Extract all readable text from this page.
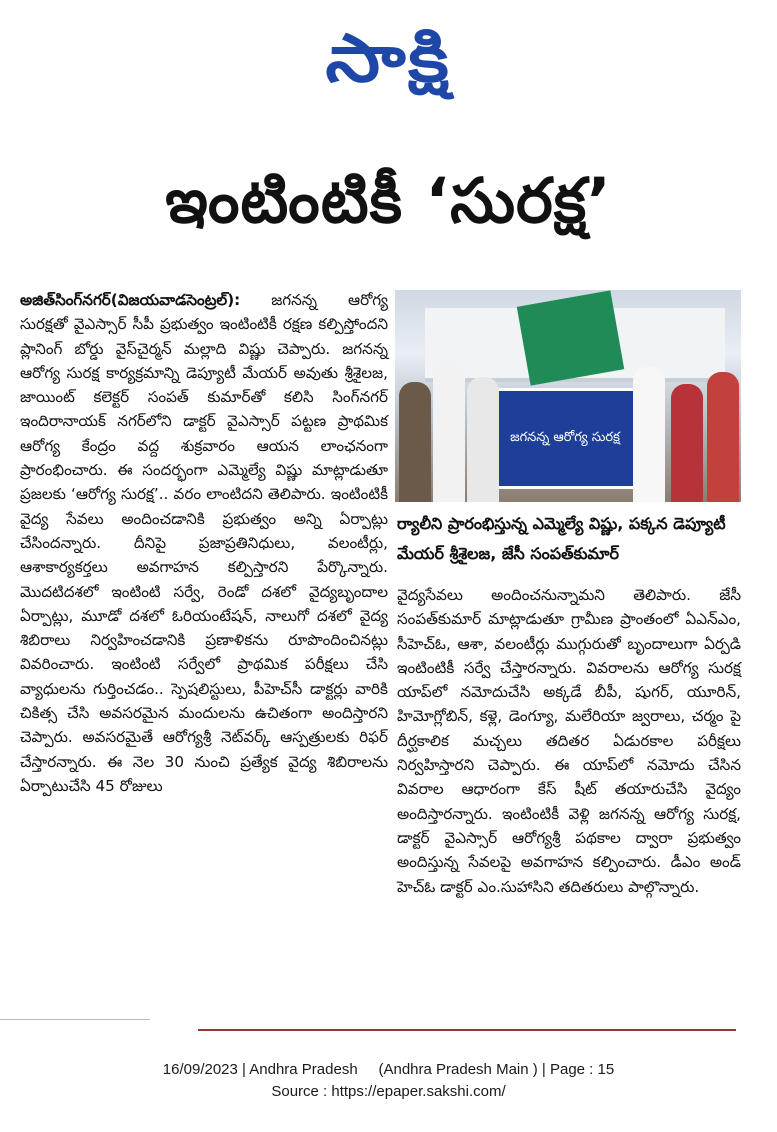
సాక్షి
ఇంటింటికీ ‘సురక్ష’

అజిత్‌సింగ్‌నగర్‌(విజయవాడసెంట్రల్‌): జగనన్న ఆరోగ్య సురక్షతో వైఎస్సార్‌ సీపీ ప్రభుత్వం ఇంటింటికీ రక్షణ కల్పిస్తోందని ప్లానింగ్‌ బోర్డు వైస్‌చైర్మన్‌ మల్లాది విష్ణు చెప్పారు. జగనన్న ఆరోగ్య సురక్ష కార్యక్రమాన్ని డెప్యూటీ మేయర్‌ అవుతు శ్రీశైలజ, జాయింట్‌ కలెక్టర్‌ సంపత్‌ కుమార్‌తో కలిసి సింగ్‌నగర్‌ ఇందిరానాయక్‌ నగర్‌లోని డాక్టర్‌ వైఎస్సార్‌ పట్టణ ప్రాథమిక ఆరోగ్య కేంద్రం వద్ద శుక్రవారం ఆయన లాంఛనంగా ప్రారంభించారు. ఈ సందర్భంగా ఎమ్మెల్యే విష్ణు మాట్లాడుతూ ప్రజలకు ‘ఆరోగ్య సురక్ష’.. వరం లాంటిదని తెలిపారు. ఇంటింటికీ వైద్య సేవలు అందించడానికి ప్రభుత్వం అన్ని ఏర్పాట్లు చేసిందన్నారు. దీనిపై ప్రజాప్రతినిధులు, వలంటీర్లు, ఆశాకార్యకర్తలు అవగాహన కల్పిస్తారని పేర్కొన్నారు. మొదటిదశలో ఇంటింటి సర్వే, రెండో దశలో వైద్యబృందాల ఏర్పాట్లు, మూడో దశలో ఓరియంటేషన్‌, నాలుగో దశలో వైద్య శిబిరాలు నిర్వహించడానికి ప్రణాళికను రూపొందించినట్లు వివరించారు. ఇంటింటి సర్వేలో ప్రాథమిక పరీక్షలు చేసి వ్యాధులను గుర్తించడం.. స్పెషలిస్టులు, పీహెచ్‌సీ డాక్టర్లు వారికి చికిత్స చేసి అవసరమైన మందులను ఉచితంగా అందిస్తారని చెప్పారు. అవసరమైతే ఆరోగ్యశ్రీ నెట్‌వర్క్‌ ఆస్పత్రులకు రిఫర్‌ చేస్తారన్నారు. ఈ నెల 30 నుంచి ప్రత్యేక వైద్య శిబిరాలను ఏర్పాటుచేసి 45 రోజులు

జగనన్న ఆరోగ్య సురక్ష
ర్యాలీని ప్రారంభిస్తున్న ఎమ్మెల్యే విష్ణు, పక్కన డెప్యూటీ మేయర్‌ శ్రీశైలజ, జేసీ సంపత్‌కుమార్‌

వైద్యసేవలు అందించనున్నామని తెలిపారు. జేసీ సంపత్‌కుమార్‌ మాట్లాడుతూ గ్రామీణ ప్రాంతంలో ఏఎన్‌ఎం, సీహెచ్‌ఓ, ఆశా, వలంటీర్లు ముగ్గురుతో బృందాలుగా ఏర్పడి ఇంటింటికీ సర్వే చేస్తారన్నారు. వివరాలను ఆరోగ్య సురక్ష యాప్‌లో నమోదుచేసి అక్కడే బీపీ, షుగర్‌, యూరిన్‌, హిమోగ్లోబిన్‌, కళ్లె, డెంగ్యూ, మలేరియా జ్వరాలు, చర్మం పై దీర్ఘకాలిక మచ్చలు తదితర ఏడురకాల పరీక్షలు నిర్వహిస్తారని చెప్పారు. ఈ యాప్‌లో నమోదు చేసిన వివరాల ఆధారంగా కేస్‌ షీట్‌ తయారుచేసి వైద్యం అందిస్తారన్నారు. ఇంటింటికీ వెళ్లి జగనన్న ఆరోగ్య సురక్ష, డాక్టర్‌ వైఎస్సార్‌ ఆరోగ్యశ్రీ పథకాల ద్వారా ప్రభుత్వం అందిస్తున్న సేవలపై అవగాహన కల్పించారు. డీఎం అండ్‌ హెచ్‌ఓ డాక్టర్‌ ఎం.సుహాసిని తదితరులు పాల్గొన్నారు.

16/09/2023 | Andhra Pradesh     (Andhra Pradesh Main ) | Page : 15
Source : https://epaper.sakshi.com/
